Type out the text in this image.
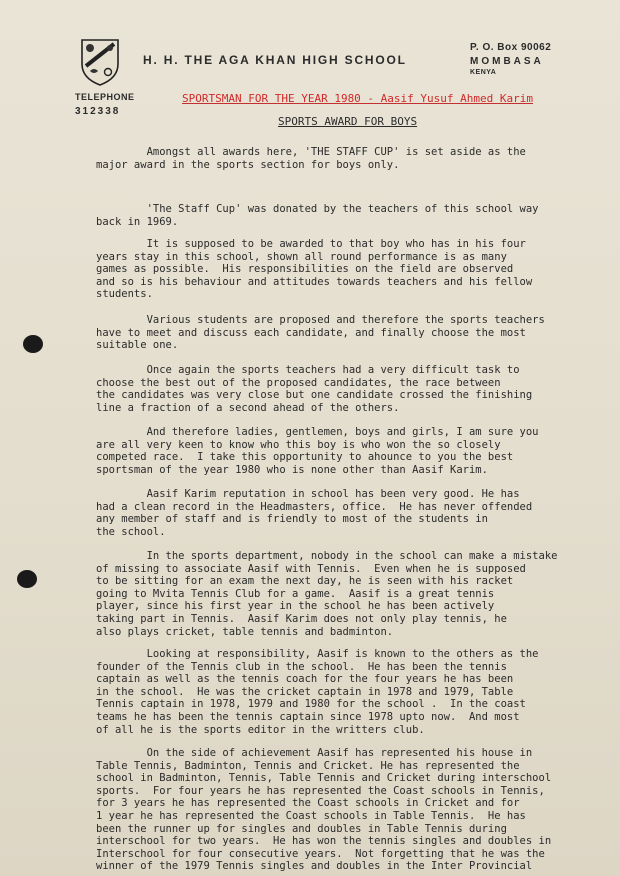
TELEPHONE
312338
H. H. THE AGA KHAN HIGH SCHOOL
P. O. Box 90062
MOMBASA
KENYA
SPORTSMAN FOR THE YEAR 1980 - Aasif Yusuf Ahmed Karim
SPORTS AWARD FOR BOYS
Amongst all awards here, 'THE STAFF CUP' is set aside as the
major award in the sports section for boys only.
'The Staff Cup' was donated by the teachers of this school way
back in 1969.
It is supposed to be awarded to that boy who has in his four
years stay in this school, shown all round performance is as many
games as possible.  His responsibilities on the field are observed
and so is his behaviour and attitudes towards teachers and his fellow
students.
Various students are proposed and therefore the sports teachers
have to meet and discuss each candidate, and finally choose the most
suitable one.
Once again the sports teachers had a very difficult task to
choose the best out of the proposed candidates, the race between
the candidates was very close but one candidate crossed the finishing
line a fraction of a second ahead of the others.
And therefore ladies, gentlemen, boys and girls, I am sure you
are all very keen to know who this boy is who won the so closely
competed race.  I take this opportunity to ahounce to you the best
sportsman of the year 1980 who is none other than Aasif Karim.
Aasif Karim reputation in school has been very good. He has
had a clean record in the Headmasters, office.  He has never offended
any member of staff and is friendly to most of the students in
the school.
In the sports department, nobody in the school can make a mistake
of missing to associate Aasif with Tennis.  Even when he is supposed
to be sitting for an exam the next day, he is seen with his racket
going to Mvita Tennis Club for a game.  Aasif is a great tennis
player, since his first year in the school he has been actively
taking part in Tennis.  Aasif Karim does not only play tennis, he
also plays cricket, table tennis and badminton.
Looking at responsibility, Aasif is known to the others as the
founder of the Tennis club in the school.  He has been the tennis
captain as well as the tennis coach for the four years he has been
in the school.  He was the cricket captain in 1978 and 1979, Table
Tennis captain in 1978, 1979 and 1980 for the school .  In the coast
teams he has been the tennis captain since 1978 upto now.  And most
of all he is the sports editor in the writters club.
On the side of achievement Aasif has represented his house in
Table Tennis, Badminton, Tennis and Cricket. He has represented the
school in Badminton, Tennis, Table Tennis and Cricket during interschool
sports.  For four years he has represented the Coast schools in Tennis,
for 3 years he has represented the Coast schools in Cricket and for
1 year he has represented the Coast schools in Table Tennis.  He has
been the runner up for singles and doubles in Table Tennis during
interschool for two years.  He has won the tennis singles and doubles in
Interschool for four consecutive years.  Not forgetting that he was the
winner of the 1979 Tennis singles and doubles in the Inter Provincial
